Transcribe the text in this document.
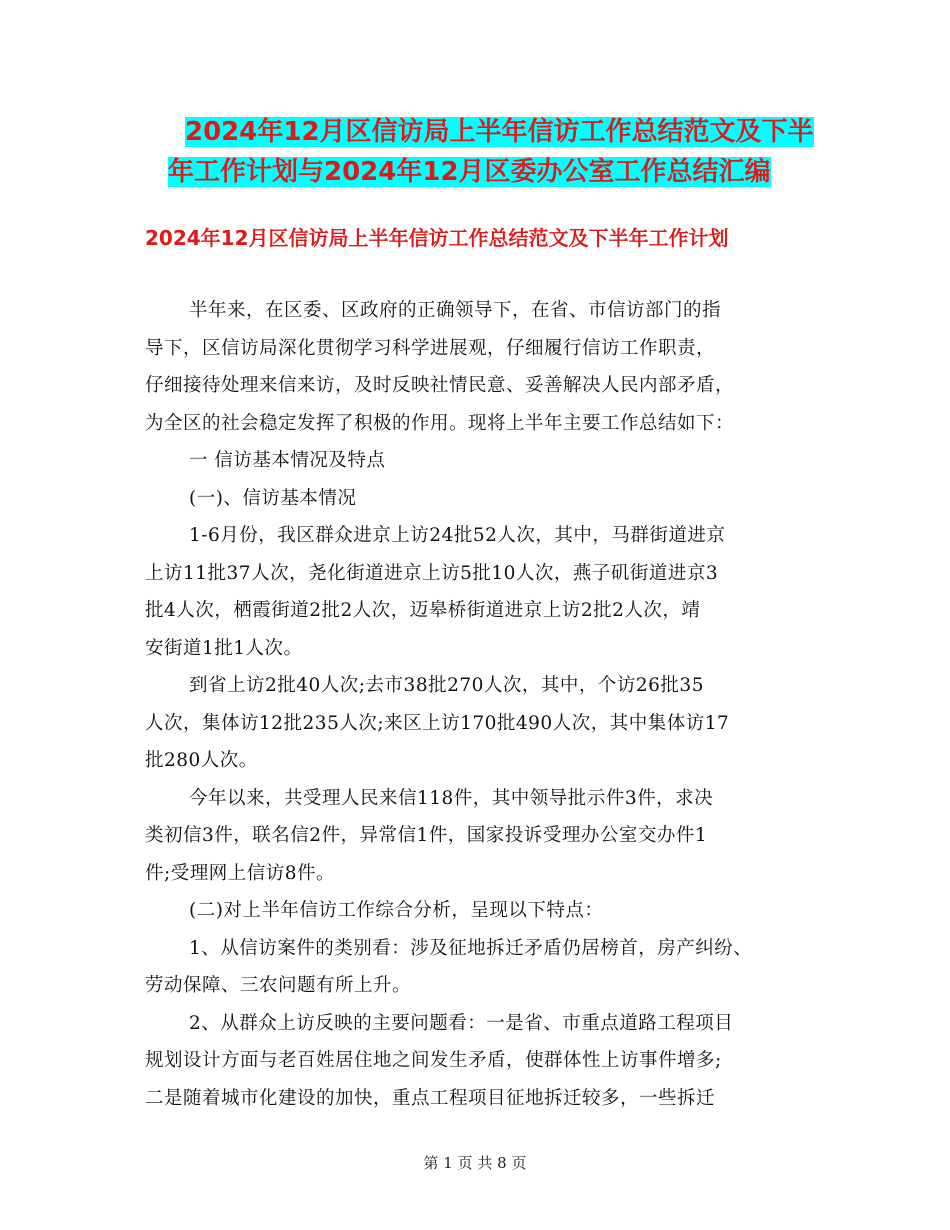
2024年12月区信访局上半年信访工作总结范文及下半
年工作计划与2024年12月区委办公室工作总结汇编
2024年12月区信访局上半年信访工作总结范文及下半年工作计划

半年来，在区委、区政府的正确领导下，在省、市信访部门的指
导下，区信访局深化贯彻学习科学进展观，仔细履行信访工作职责，
仔细接待处理来信来访，及时反映社情民意、妥善解决人民内部矛盾，
为全区的社会稳定发挥了积极的作用。现将上半年主要工作总结如下：

一 信访基本情况及特点

(一)、信访基本情况

1-6月份，我区群众进京上访24批52人次，其中，马群街道进京
上访11批37人次，尧化街道进京上访5批10人次，燕子矶街道进京3
批4人次，栖霞街道2批2人次，迈皋桥街道进京上访2批2人次，靖
安街道1批1人次。

到省上访2批40人次;去市38批270人次，其中，个访26批35
人次，集体访12批235人次;来区上访170批490人次，其中集体访17
批280人次。

今年以来，共受理人民来信118件，其中领导批示件3件，求决
类初信3件，联名信2件，异常信1件，国家投诉受理办公室交办件1
件;受理网上信访8件。

(二)对上半年信访工作综合分析，呈现以下特点：

1、从信访案件的类别看：涉及征地拆迁矛盾仍居榜首，房产纠纷、
劳动保障、三农问题有所上升。

2、从群众上访反映的主要问题看：一是省、市重点道路工程项目
规划设计方面与老百姓居住地之间发生矛盾，使群体性上访事件增多;
二是随着城市化建设的加快，重点工程项目征地拆迁较多，一些拆迁

第 1 页 共 8 页
